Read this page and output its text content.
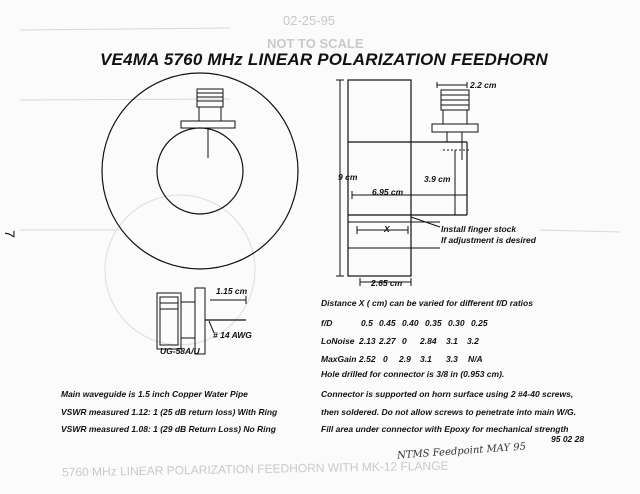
02-25-95
NOT TO SCALE
5760 MHz LINEAR POLARIZATION FEEDHORN WITH MK-12 FLANGE
7
VE4MA 5760 MHz LINEAR POLARIZATION FEEDHORN
2.2 cm
9 cm	3.9 cm
6.95 cm
X
2.65 cm
1.15 cm
Install finger stock
If adjustment is desired
# 14 AWG
UG-58A/U
Distance X ( cm) can be varied for different f/D ratios
f/D	0.5 0.45 0.40 0.35 0.30 0.25
LoNoise 2.13 2.27 0 2.84 3.1 3.2
MaxGain 2.52 0 2.9 3.1 3.3 N/A
Hole drilled for connector is 3/8 in (0.953 cm).
Main waveguide is 1.5 inch Copper Water Pipe
VSWR measured 1.12: 1 (25 dB return loss) With Ring
VSWR measured 1.08: 1 (29 dB Return Loss) No Ring
Connector is supported on horn surface using 2 #4-40 screws,
then soldered. Do not allow screws to penetrate into main W/G.
Fill area under connector with Epoxy for mechanical strength
95 02 28
NTMS Feedpoint MAY 95
